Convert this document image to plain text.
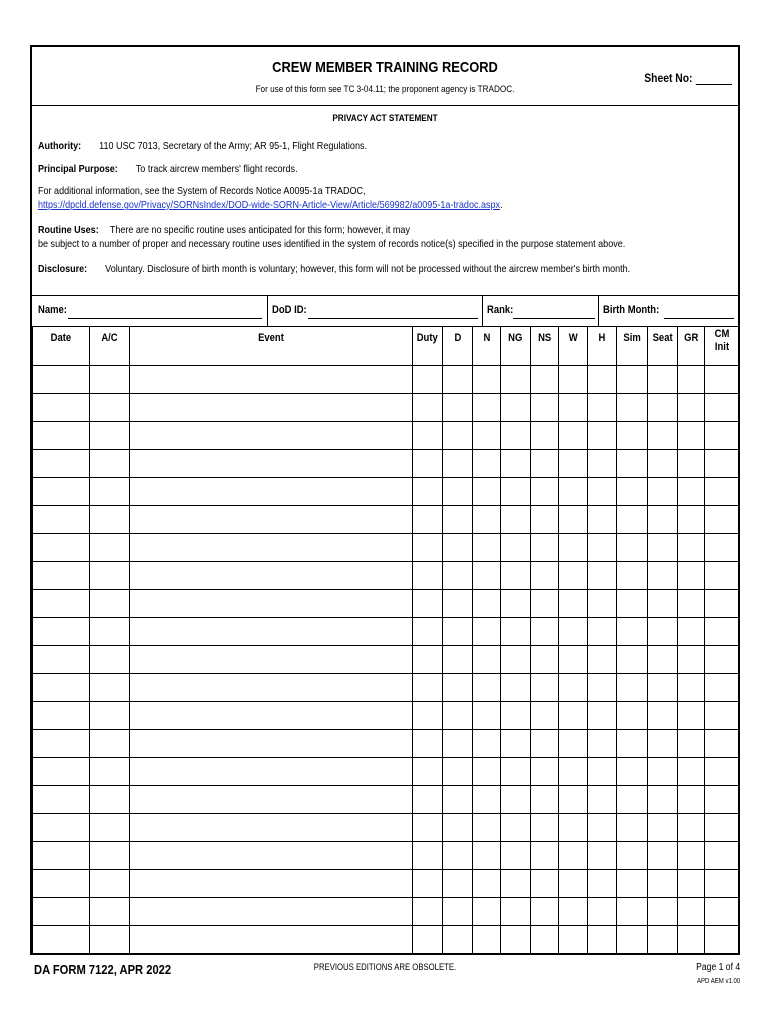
CREW MEMBER TRAINING RECORD
For use of this form see TC 3-04.11; the proponent agency is TRADOC.
Sheet No:
PRIVACY ACT STATEMENT
Authority: 110 USC 7013, Secretary of the Army; AR 95-1, Flight Regulations.
Principal Purpose: To track aircrew members' flight records.
For additional information, see the System of Records Notice A0095-1a TRADOC,
https://dpcld.defense.gov/Privacy/SORNsIndex/DOD-wide-SORN-Article-View/Article/569982/a0095-1a-tradoc.aspx.
Routine Uses: There are no specific routine uses anticipated for this form; however, it may
be subject to a number of proper and necessary routine uses identified in the system of records notice(s) specified in the purpose statement above.
Disclosure: Voluntary. Disclosure of birth month is voluntary; however, this form will not be processed without the aircrew member's birth month.
Name:	DoD ID:	Rank:	Birth Month:
Date	A/C	Event	Duty	D	N	NG	NS	W	H	Sim	Seat	GR	CM Init

DA FORM 7122, APR 2022	PREVIOUS EDITIONS ARE OBSOLETE.	Page 1 of 4
APD AEM v1.00
